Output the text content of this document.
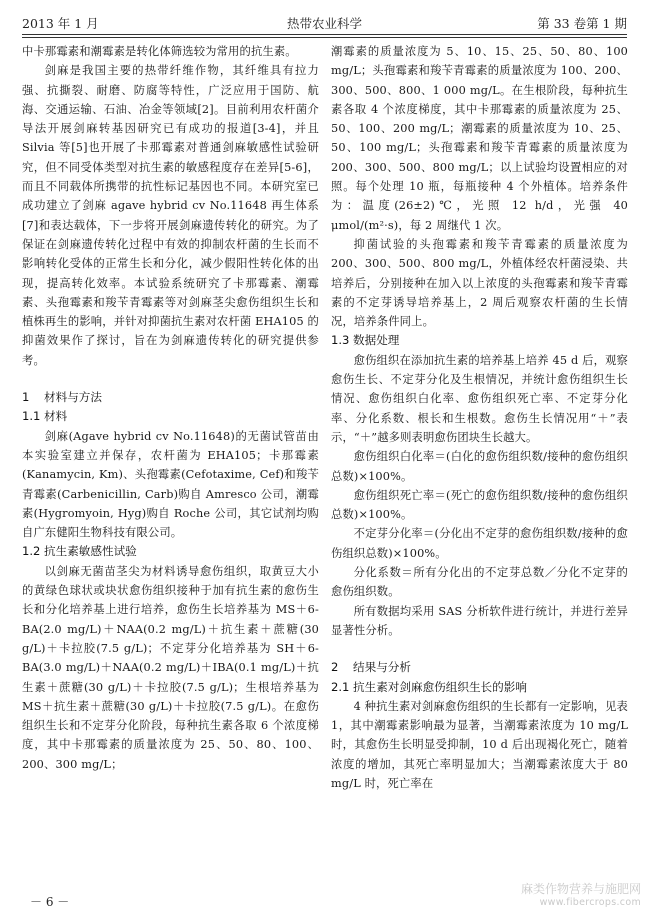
2013 年 1 月	热带农业科学	第 33 卷第 1 期

中卡那霉素和潮霉素是转化体筛选较为常用的抗生素。

剑麻是我国主要的热带纤维作物，其纤维具有拉力强、抗撕裂、耐磨、防腐等特性，广泛应用于国防、航海、交通运输、石油、冶金等领域[2]。目前利用农杆菌介导法开展剑麻转基因研究已有成功的报道[3-4]，并且 Silvia 等[5]也开展了卡那霉素对普通剑麻敏感性试验研究，但不同受体类型对抗生素的敏感程度存在差异[5-6]，而且不同载体所携带的抗性标记基因也不同。本研究室已成功建立了剑麻 agave hybrid cv No.11648 再生体系[7]和表达载体，下一步将开展剑麻遗传转化的研究。为了保证在剑麻遗传转化过程中有效的抑制农杆菌的生长而不影响转化受体的正常生长和分化，减少假阳性转化体的出现，提高转化效率。本试验系统研究了卡那霉素、潮霉素、头孢霉素和羧苄青霉素等对剑麻茎尖愈伤组织生长和植株再生的影响，并针对抑菌抗生素对农杆菌 EHA105 的抑菌效果作了探讨，旨在为剑麻遗传转化的研究提供参考。

1 材料与方法
1.1 材料

剑麻(Agave hybrid cv No.11648)的无菌试管苗由本实验室建立并保存，农杆菌为 EHA105；卡那霉素(Kanamycin, Km)、头孢霉素(Cefotaxime, Cef)和羧苄青霉素(Carbenicillin, Carb)购自 Amresco 公司，潮霉素(Hygromyoin, Hyg)购自 Roche 公司，其它试剂均购自广东健阳生物科技有限公司。

1.2 抗生素敏感性试验

以剑麻无菌苗茎尖为材料诱导愈伤组织，取黄豆大小的黄绿色球状或块状愈伤组织接种于加有抗生素的愈伤生长和分化培养基上进行培养，愈伤生长培养基为 MS＋6-BA(2.0 mg/L)＋NAA(0.2 mg/L)＋抗生素＋蔗糖(30 g/L)＋卡拉胶(7.5 g/L)；不定芽分化培养基为 SH＋6-BA(3.0 mg/L)＋NAA(0.2 mg/L)＋IBA(0.1 mg/L)＋抗生素＋蔗糖(30 g/L)＋卡拉胶(7.5 g/L)；生根培养基为 MS＋抗生素＋蔗糖(30 g/L)＋卡拉胶(7.5 g/L)。在愈伤组织生长和不定芽分化阶段，每种抗生素各取 6 个浓度梯度，其中卡那霉素的质量浓度为 25、50、80、100、200、300 mg/L；

潮霉素的质量浓度为 5、10、15、25、50、80、100 mg/L；头孢霉素和羧苄青霉素的质量浓度为 100、200、300、500、800、1 000 mg/L。在生根阶段，每种抗生素各取 4 个浓度梯度，其中卡那霉素的质量浓度为 25、50、100、200 mg/L；潮霉素的质量浓度为 10、25、50、100 mg/L；头孢霉素和羧苄青霉素的质量浓度为 200、300、500、800 mg/L；以上试验均设置相应的对照。每个处理 10 瓶，每瓶接种 4 个外植体。培养条件为：温度(26±2)℃，光照 12 h/d，光强 40 μmol/(m²·s)，每 2 周继代 1 次。

抑菌试验的头孢霉素和羧苄青霉素的质量浓度为 200、300、500、800 mg/L，外植体经农杆菌浸染、共培养后，分别接种在加入以上浓度的头孢霉素和羧苄青霉素的不定芽诱导培养基上，2 周后观察农杆菌的生长情况，培养条件同上。

1.3 数据处理

愈伤组织在添加抗生素的培养基上培养 45 d 后，观察愈伤生长、不定芽分化及生根情况，并统计愈伤组织生长情况、愈伤组织白化率、愈伤组织死亡率、不定芽分化率、分化系数、根长和生根数。愈伤生长情况用“＋”表示，“＋”越多则表明愈伤团块生长越大。

愈伤组织白化率＝(白化的愈伤组织数/接种的愈伤组织总数)×100%。

愈伤组织死亡率＝(死亡的愈伤组织数/接种的愈伤组织总数)×100%。

不定芽分化率＝(分化出不定芽的愈伤组织数/接种的愈伤组织总数)×100%。

分化系数＝所有分化出的不定芽总数／分化不定芽的愈伤组织数。

所有数据均采用 SAS 分析软件进行统计，并进行差异显著性分析。

2 结果与分析
2.1 抗生素对剑麻愈伤组织生长的影响

4 种抗生素对剑麻愈伤组织的生长都有一定影响，见表 1，其中潮霉素影响最为显著，当潮霉素浓度为 10 mg/L 时，其愈伤生长明显受抑制，10 d 后出现褐化死亡，随着浓度的增加，其死亡率明显加大；当潮霉素浓度大于 80 mg/L 时，死亡率在

－ 6 －
麻类作物营养与施肥网
www.fibercrops.com
